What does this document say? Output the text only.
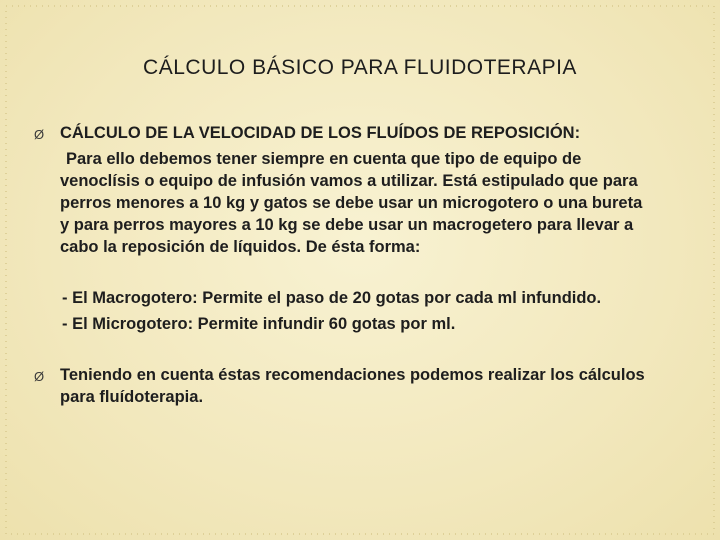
CÁLCULO BÁSICO PARA FLUIDOTERAPIA
Ø CÁLCULO DE LA VELOCIDAD DE LOS FLUÍDOS DE REPOSICIÓN:

Para ello debemos tener siempre en cuenta que tipo de equipo de

venoclísis o equipo de infusión vamos a utilizar. Está estipulado que para

perros menores a 10 kg y gatos se debe usar un microgotero o una bureta

y para perros mayores a 10 kg se debe usar un macrogetero para llevar a

cabo la reposición de líquidos. De ésta forma:

- El Macrogotero: Permite el paso de 20 gotas por cada ml infundido.

- El Microgotero: Permite infundir 60 gotas por ml.

Ø Teniendo en cuenta éstas recomendaciones podemos realizar los cálculos

para fluídoterapia.
